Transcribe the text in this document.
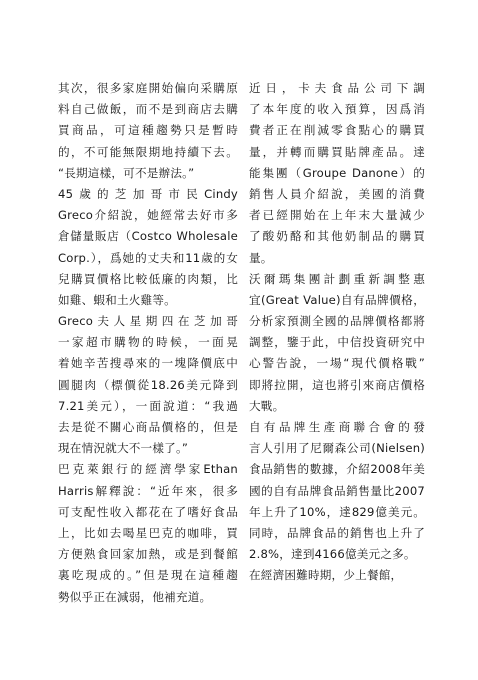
其次，很多家庭開始偏向采購原
料自己做飯，而不是到商店去購
買商品，可這種趨勢只是暫時
的，不可能無限期地持續下去。
“長期這樣，可不是辦法。”
45歲的芝加哥市民Cindy
Greco介紹說，她經常去好市多
倉儲量販店（Costco Wholesale
Corp.），爲她的丈夫和11歲的女
兒購買價格比較低廉的肉類，比
如雞、蝦和土火雞等。
Greco夫人星期四在芝加哥
一家超市購物的時候，一面晃
着她辛苦搜尋來的一塊降價底中
圓腿肉（標價從18.26美元降到
7.21美元），一面說道：“我過
去是從不關心商品價格的，但是
現在情況就大不一樣了。”
巴克萊銀行的經濟學家Ethan
Harris解釋說：“近年來，很多
可支配性收入都花在了嗜好食品
上，比如去喝星巴克的咖啡，買
方便熟食回家加熱，或是到餐館
裏吃現成的。”但是現在這種趨
勢似乎正在減弱，他補充道。
近日，卡夫食品公司下調
了本年度的收入預算，因爲消
費者正在削減零食點心的購買
量，并轉而購買貼牌產品。達
能集團（Groupe Danone）的
銷售人員介紹說，美國的消費
者已經開始在上年末大量減少
了酸奶酪和其他奶制品的購買
量。
沃爾瑪集團計劃重新調整惠
宜(Great Value)自有品牌價格，
分析家預測全國的品牌價格都將
調整，鑒于此，中信投資研究中
心警告說，一場“現代價格戰”
即將拉開，這也將引來商店價格
大戰。
自有品牌生產商聯合會的發
言人引用了尼爾森公司(Nielsen)
食品銷售的數據，介紹2008年美
國的自有品牌食品銷售量比2007
年上升了10%，達829億美元。
同時，品牌食品的銷售也上升了
2.8%，達到4166億美元之多。
在經濟困難時期，少上餐館，
